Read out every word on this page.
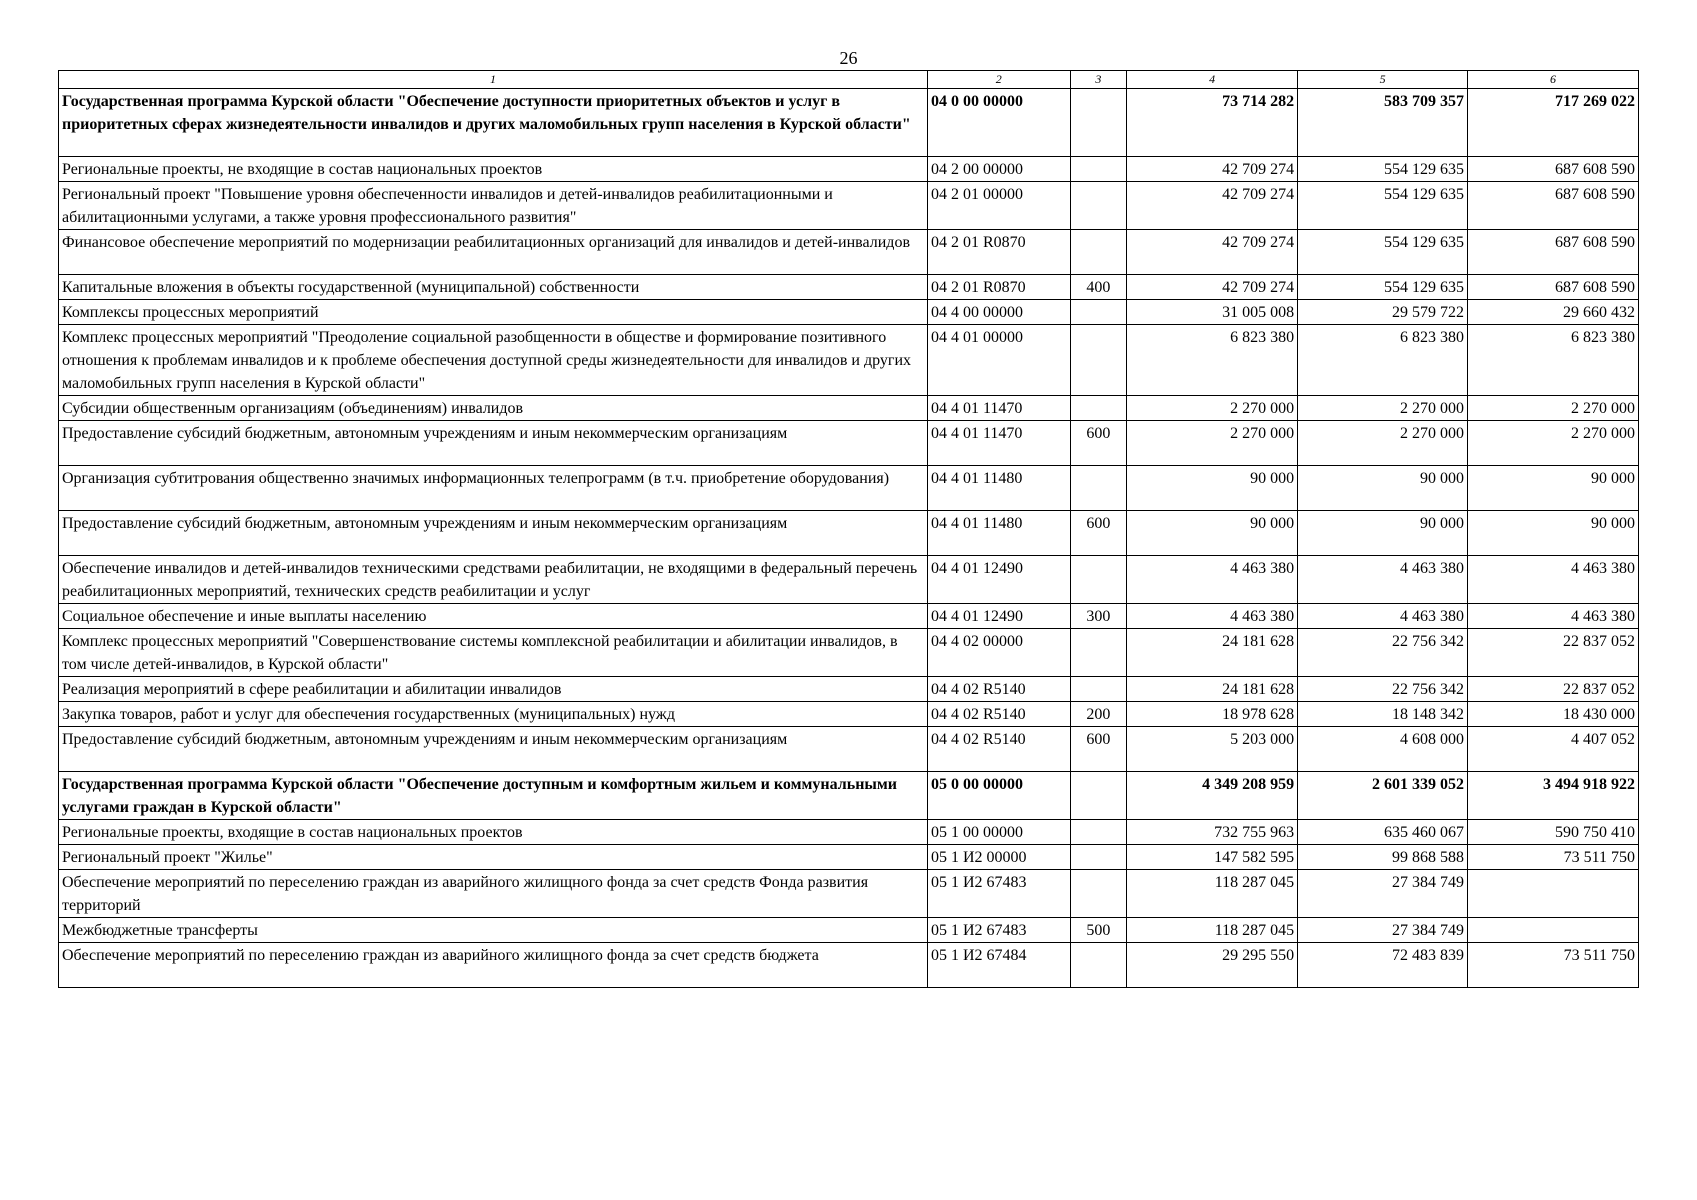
26
1	2	3	4	5	6
Государственная программа Курской области "Обеспечение доступности приоритетных объектов и услуг в приоритетных сферах жизнедеятельности инвалидов и других маломобильных групп населения в Курской области"	04 0 00 00000		73 714 282	583 709 357	717 269 022
Региональные проекты, не входящие в состав национальных проектов	04 2 00 00000		42 709 274	554 129 635	687 608 590
Региональный проект "Повышение уровня обеспеченности инвалидов и детей-инвалидов реабилитационными и абилитационными услугами, а также уровня профессионального развития"	04 2 01 00000		42 709 274	554 129 635	687 608 590
Финансовое обеспечение мероприятий по модернизации реабилитационных организаций для инвалидов и детей-инвалидов	04 2 01 R0870		42 709 274	554 129 635	687 608 590
Капитальные вложения в объекты государственной (муниципальной) собственности	04 2 01 R0870	400	42 709 274	554 129 635	687 608 590
Комплексы процессных мероприятий	04 4 00 00000		31 005 008	29 579 722	29 660 432
Комплекс процессных мероприятий "Преодоление социальной разобщенности в обществе и формирование позитивного отношения к проблемам инвалидов и к проблеме обеспечения доступной среды жизнедеятельности для инвалидов и других маломобильных групп населения в Курской области"	04 4 01 00000		6 823 380	6 823 380	6 823 380
Субсидии общественным организациям (объединениям) инвалидов	04 4 01 11470		2 270 000	2 270 000	2 270 000
Предоставление субсидий бюджетным, автономным учреждениям и иным некоммерческим организациям	04 4 01 11470	600	2 270 000	2 270 000	2 270 000
Организация субтитрования общественно значимых информационных телепрограмм (в т.ч. приобретение оборудования)	04 4 01 11480		90 000	90 000	90 000
Предоставление субсидий бюджетным, автономным учреждениям и иным некоммерческим организациям	04 4 01 11480	600	90 000	90 000	90 000
Обеспечение инвалидов и детей-инвалидов техническими средствами реабилитации, не входящими в федеральный перечень реабилитационных мероприятий, технических средств реабилитации и услуг	04 4 01 12490		4 463 380	4 463 380	4 463 380
Социальное обеспечение и иные выплаты населению	04 4 01 12490	300	4 463 380	4 463 380	4 463 380
Комплекс процессных мероприятий "Совершенствование системы комплексной реабилитации и абилитации инвалидов, в том числе детей-инвалидов, в Курской области"	04 4 02 00000		24 181 628	22 756 342	22 837 052
Реализация мероприятий в сфере реабилитации и абилитации инвалидов	04 4 02 R5140		24 181 628	22 756 342	22 837 052
Закупка товаров, работ и услуг для обеспечения государственных (муниципальных) нужд	04 4 02 R5140	200	18 978 628	18 148 342	18 430 000
Предоставление субсидий бюджетным, автономным учреждениям и иным некоммерческим организациям	04 4 02 R5140	600	5 203 000	4 608 000	4 407 052
Государственная программа Курской области "Обеспечение доступным и комфортным жильем и коммунальными услугами граждан в Курской области"	05 0 00 00000		4 349 208 959	2 601 339 052	3 494 918 922
Региональные проекты, входящие в состав национальных проектов	05 1 00 00000		732 755 963	635 460 067	590 750 410
Региональный проект "Жилье"	05 1 И2 00000		147 582 595	99 868 588	73 511 750
Обеспечение мероприятий по переселению граждан из аварийного жилищного фонда за счет средств Фонда развития территорий	05 1 И2 67483		118 287 045	27 384 749	
Межбюджетные трансферты	05 1 И2 67483	500	118 287 045	27 384 749	
Обеспечение мероприятий по переселению граждан из аварийного жилищного фонда за счет средств бюджета	05 1 И2 67484		29 295 550	72 483 839	73 511 750
